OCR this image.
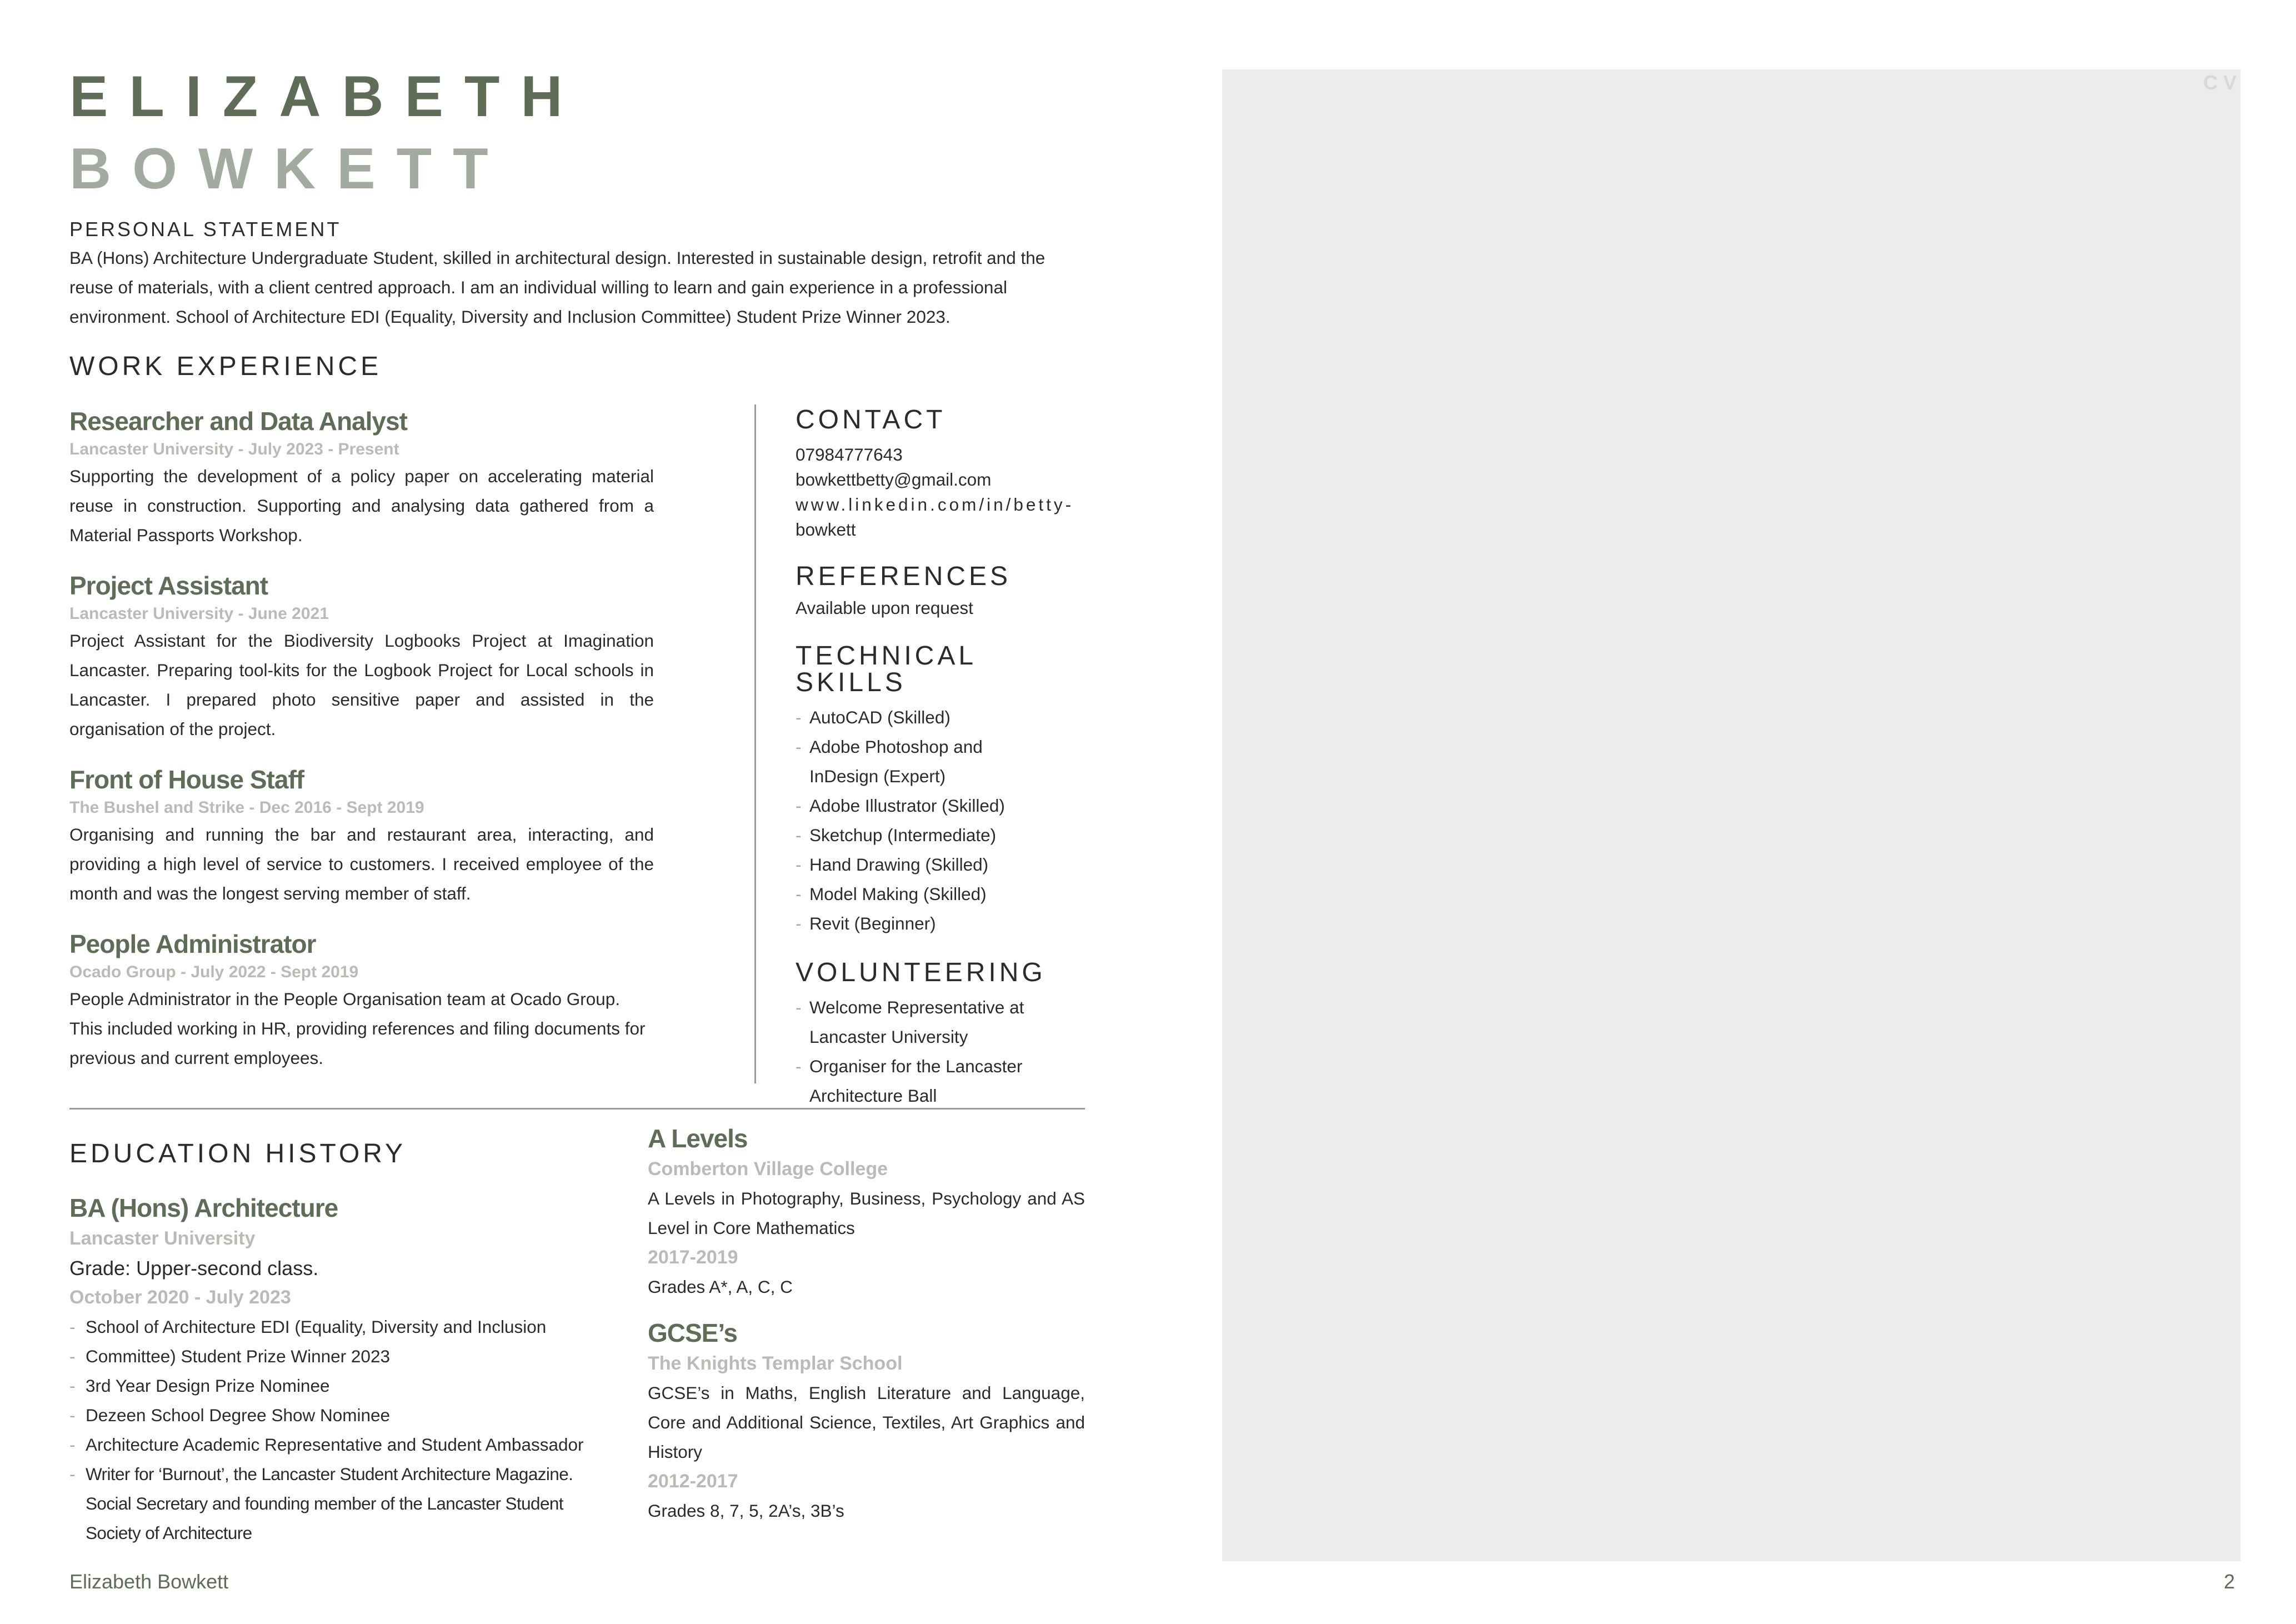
ELIZABETH
BOWKETT
PERSONAL STATEMENT
BA (Hons) Architecture Undergraduate Student, skilled in architectural design. Interested in sustainable design, retrofit and the reuse of materials, with a client centred approach. I am an individual willing to learn and gain experience in a professional environment. School of Architecture EDI (Equality, Diversity and Inclusion Committee) Student Prize Winner 2023.
WORK EXPERIENCE
Researcher and Data Analyst
Lancaster University - July 2023 - Present
Supporting the development of a policy paper on accelerating material reuse in construction. Supporting and analysing data gathered from a Material Passports Workshop.
Project Assistant
Lancaster University - June 2021
Project Assistant for the Biodiversity Logbooks Project at Imagination Lancaster. Preparing tool-kits for the Logbook Project for Local schools in Lancaster. I prepared photo sensitive paper and assisted in the organisation of the project.
Front of House Staff
The Bushel and Strike - Dec 2016 - Sept 2019
Organising and running the bar and restaurant area, interacting, and providing a high level of service to customers. I received employee of the month and was the longest serving member of staff.
People Administrator
Ocado Group - July 2022 - Sept 2019
People Administrator in the People Organisation team at Ocado Group. This included working in HR, providing references and filing documents for previous and current employees.
CONTACT
07984777643
bowkettbetty@gmail.com
www.linkedin.com/in/betty-
bowkett
REFERENCES
Available upon request
TECHNICAL SKILLS
- AutoCAD (Skilled)
- Adobe Photoshop and InDesign (Expert)
- Adobe Illustrator (Skilled)
- Sketchup (Intermediate)
- Hand Drawing (Skilled)
- Model Making (Skilled)
- Revit (Beginner)
VOLUNTEERING
- Welcome Representative at Lancaster University
- Organiser for the Lancaster Architecture Ball
EDUCATION HISTORY
BA (Hons) Architecture
Lancaster University
Grade: Upper-second class.
October 2020 - July 2023
- School of Architecture EDI (Equality, Diversity and Inclusion
- Committee) Student Prize Winner 2023
- 3rd Year Design Prize Nominee
- Dezeen School Degree Show Nominee
- Architecture Academic Representative and Student Ambassador
- Writer for ‘Burnout’, the Lancaster Student Architecture Magazine. Social Secretary and founding member of the Lancaster Student Society of Architecture
A Levels
Comberton Village College
A Levels in Photography, Business, Psychology and AS Level in Core Mathematics
2017-2019
Grades A*, A, C, C
GCSE’s
The Knights Templar School
GCSE’s in Maths, English Literature and Language, Core and Additional Science, Textiles, Art Graphics and History
2012-2017
Grades 8, 7, 5, 2A’s, 3B’s
CV
Elizabeth Bowkett	2
